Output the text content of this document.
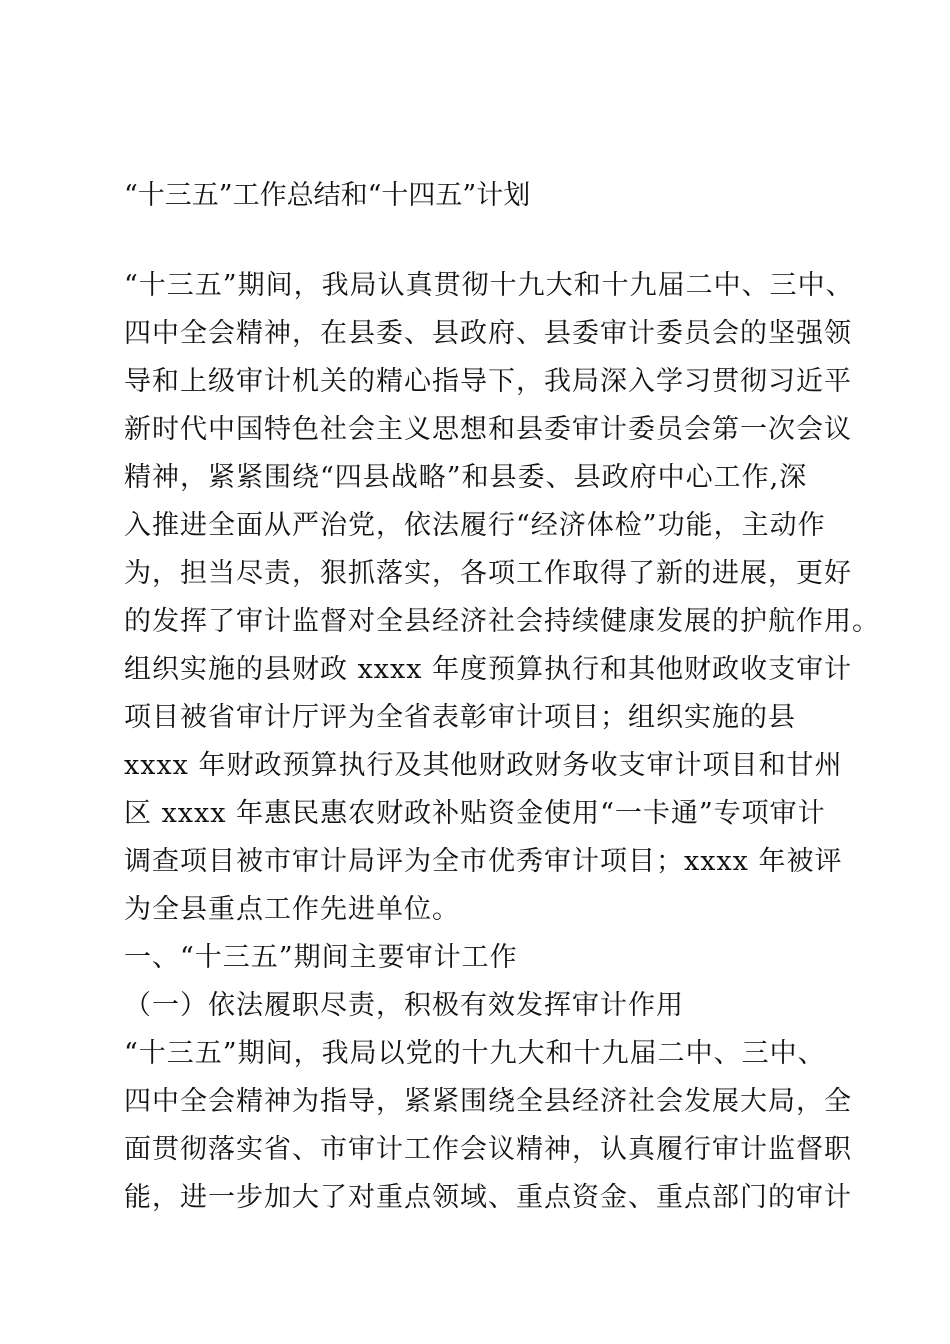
“十三五”工作总结和“十四五”计划
“十三五”期间，我局认真贯彻十九大和十九届二中、三中、
四中全会精神，在县委、县政府、县委审计委员会的坚强领
导和上级审计机关的精心指导下，我局深入学习贯彻习近平
新时代中国特色社会主义思想和县委审计委员会第一次会议
精神，紧紧围绕“四县战略”和县委、县政府中心工作,深
入推进全面从严治党，依法履行“经济体检”功能，主动作
为，担当尽责，狠抓落实，各项工作取得了新的进展，更好
的发挥了审计监督对全县经济社会持续健康发展的护航作用。
组织实施的县财政 xxxx 年度预算执行和其他财政收支审计
项目被省审计厅评为全省表彰审计项目；组织实施的县
xxxx 年财政预算执行及其他财政财务收支审计项目和甘州
区 xxxx 年惠民惠农财政补贴资金使用“一卡通”专项审计
调查项目被市审计局评为全市优秀审计项目；xxxx 年被评
为全县重点工作先进单位。
一、“十三五”期间主要审计工作
（一）依法履职尽责，积极有效发挥审计作用
“十三五”期间，我局以党的十九大和十九届二中、三中、
四中全会精神为指导，紧紧围绕全县经济社会发展大局，全
面贯彻落实省、市审计工作会议精神，认真履行审计监督职
能，进一步加大了对重点领域、重点资金、重点部门的审计
